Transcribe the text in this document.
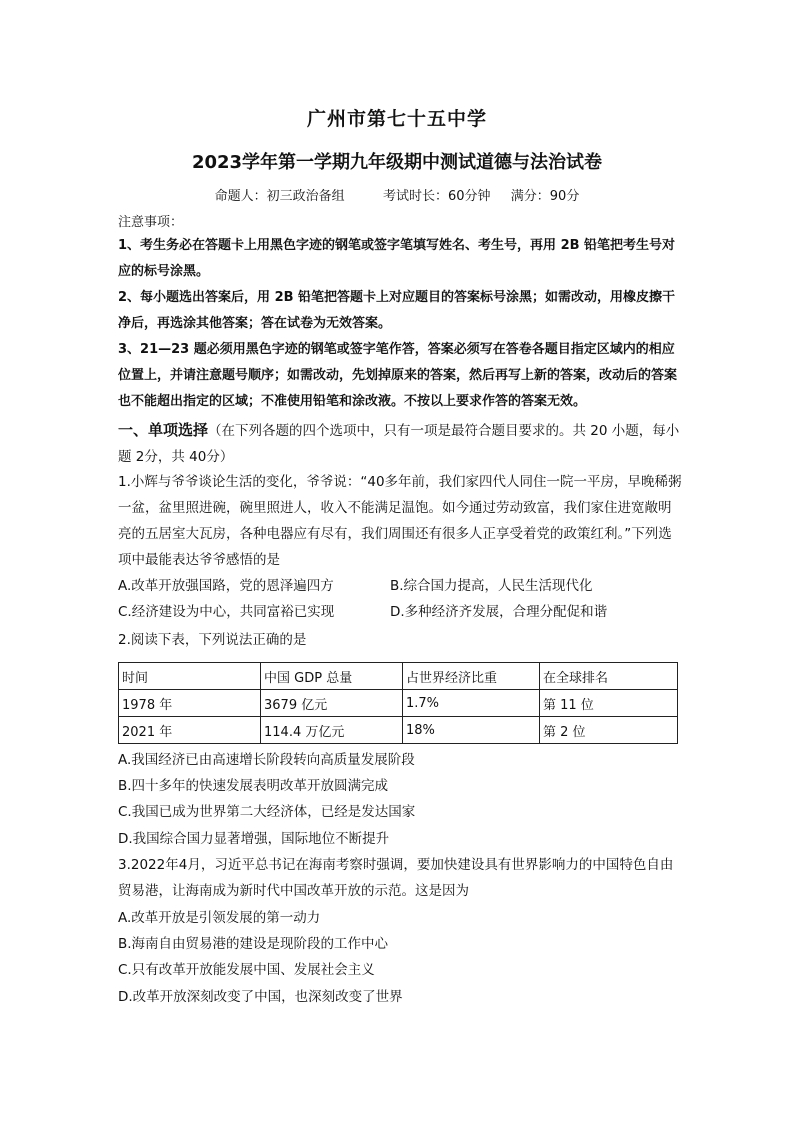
广州市第七十五中学
2023学年第一学期九年级期中测试道德与法治试卷
命题人：初三政治备组	考试时长：60分钟 满分：90分
注意事项：
1、考生务必在答题卡上用黑色字迹的钢笔或签字笔填写姓名、考生号，再用 2B 铅笔把考生号对应的标号涂黑。
2、每小题选出答案后，用 2B 铅笔把答题卡上对应题目的答案标号涂黑；如需改动，用橡皮擦干净后，再选涂其他答案；答在试卷为无效答案。
3、21—23 题必须用黑色字迹的钢笔或签字笔作答，答案必须写在答卷各题目指定区域内的相应位置上，并请注意题号顺序；如需改动，先划掉原来的答案，然后再写上新的答案，改动后的答案也不能超出指定的区域；不准使用铅笔和涂改液。不按以上要求作答的答案无效。
一、单项选择（在下列各题的四个选项中，只有一项是最符合题目要求的。共 20 小题，每小题 2分，共 40分）
1.小辉与爷爷谈论生活的变化，爷爷说：“40多年前，我们家四代人同住一院一平房，早晚稀粥一盆，盆里照进碗，碗里照进人，收入不能满足温饱。如今通过劳动致富，我们家住进宽敞明亮的五居室大瓦房，各种电器应有尽有，我们周围还有很多人正享受着党的政策红利。”下列选项中最能表达爷爷感悟的是
A.改革开放强国路，党的恩泽遍四方	B.综合国力提高，人民生活现代化
C.经济建设为中心，共同富裕已实现	D.多种经济齐发展，合理分配促和谐
2.阅读下表，下列说法正确的是
时间	中国 GDP 总量	占世界经济比重	在全球排名
1978 年	3679 亿元	1.7%	第 11 位
2021 年	114.4 万亿元	18%	第 2 位
A.我国经济已由高速增长阶段转向高质量发展阶段
B.四十多年的快速发展表明改革开放圆满完成
C.我国已成为世界第二大经济体，已经是发达国家
D.我国综合国力显著增强，国际地位不断提升
3.2022年4月，习近平总书记在海南考察时强调，要加快建设具有世界影响力的中国特色自由贸易港，让海南成为新时代中国改革开放的示范。这是因为
A.改革开放是引领发展的第一动力
B.海南自由贸易港的建设是现阶段的工作中心
C.只有改革开放能发展中国、发展社会主义
D.改革开放深刻改变了中国，也深刻改变了世界
